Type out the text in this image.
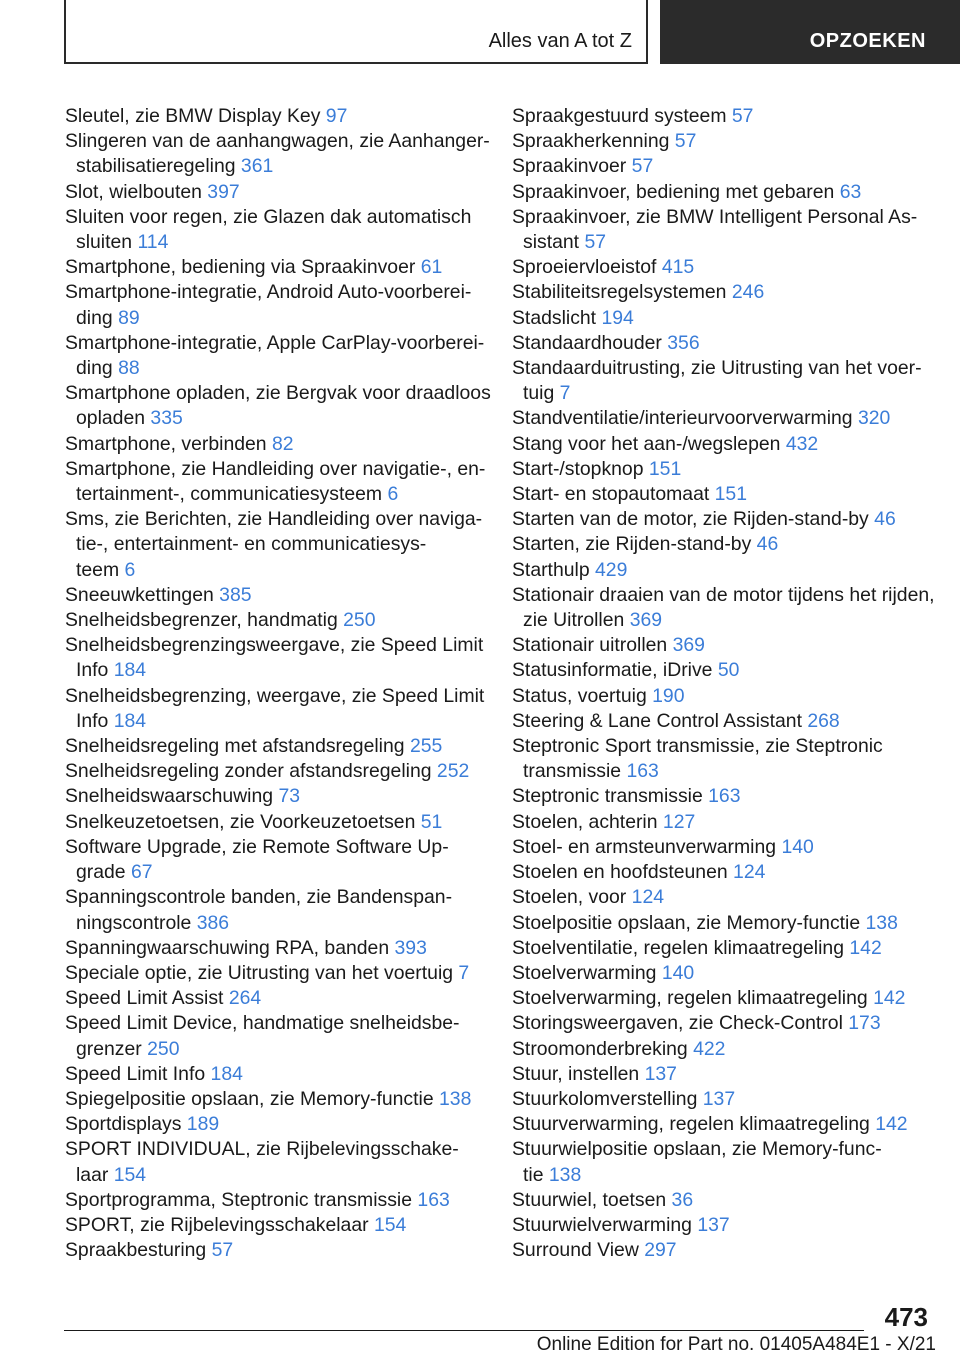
Alles van A tot Z	OPZOEKEN
Sleutel, zie BMW Display Key 97
Slingeren van de aanhangwagen, zie Aanhanger-
stabilisatieregeling 361
Slot, wielbouten 397
Sluiten voor regen, zie Glazen dak automatisch
sluiten 114
Smartphone, bediening via Spraakinvoer 61
Smartphone-integratie, Android Auto-voorberei-
ding 89
Smartphone-integratie, Apple CarPlay-voorberei-
ding 88
Smartphone opladen, zie Bergvak voor draadloos
opladen 335
Smartphone, verbinden 82
Smartphone, zie Handleiding over navigatie-, en-
tertainment-, communicatiesysteem 6
Sms, zie Berichten, zie Handleiding over naviga-
tie-, entertainment- en communicatiesys-
teem 6
Sneeuwkettingen 385
Snelheidsbegrenzer, handmatig 250
Snelheidsbegrenzingsweergave, zie Speed Limit
Info 184
Snelheidsbegrenzing, weergave, zie Speed Limit
Info 184
Snelheidsregeling met afstandsregeling 255
Snelheidsregeling zonder afstandsregeling 252
Snelheidswaarschuwing 73
Snelkeuzetoetsen, zie Voorkeuzetoetsen 51
Software Upgrade, zie Remote Software Up-
grade 67
Spanningscontrole banden, zie Bandenspan-
ningscontrole 386
Spanningwaarschuwing RPA, banden 393
Speciale optie, zie Uitrusting van het voertuig 7
Speed Limit Assist 264
Speed Limit Device, handmatige snelheidsbe-
grenzer 250
Speed Limit Info 184
Spiegelpositie opslaan, zie Memory-functie 138
Sportdisplays 189
SPORT INDIVIDUAL, zie Rijbelevingsschake-
laar 154
Sportprogramma, Steptronic transmissie 163
SPORT, zie Rijbelevingsschakelaar 154
Spraakbesturing 57
Spraakgestuurd systeem 57
Spraakherkenning 57
Spraakinvoer 57
Spraakinvoer, bediening met gebaren 63
Spraakinvoer, zie BMW Intelligent Personal As-
sistant 57
Sproeiervloeistof 415
Stabiliteitsregelsystemen 246
Stadslicht 194
Standaardhouder 356
Standaarduitrusting, zie Uitrusting van het voer-
tuig 7
Standventilatie/interieurvoorverwarming 320
Stang voor het aan-/wegslepen 432
Start-/stopknop 151
Start- en stopautomaat 151
Starten van de motor, zie Rijden-stand-by 46
Starten, zie Rijden-stand-by 46
Starthulp 429
Stationair draaien van de motor tijdens het rijden,
zie Uitrollen 369
Stationair uitrollen 369
Statusinformatie, iDrive 50
Status, voertuig 190
Steering & Lane Control Assistant 268
Steptronic Sport transmissie, zie Steptronic
transmissie 163
Steptronic transmissie 163
Stoelen, achterin 127
Stoel- en armsteunverwarming 140
Stoelen en hoofdsteunen 124
Stoelen, voor 124
Stoelpositie opslaan, zie Memory-functie 138
Stoelventilatie, regelen klimaatregeling 142
Stoelverwarming 140
Stoelverwarming, regelen klimaatregeling 142
Storingsweergaven, zie Check-Control 173
Stroomonderbreking 422
Stuur, instellen 137
Stuurkolomverstelling 137
Stuurverwarming, regelen klimaatregeling 142
Stuurwielpositie opslaan, zie Memory-func-
tie 138
Stuurwiel, toetsen 36
Stuurwielverwarming 137
Surround View 297
473
Online Edition for Part no. 01405A484E1 - X/21
